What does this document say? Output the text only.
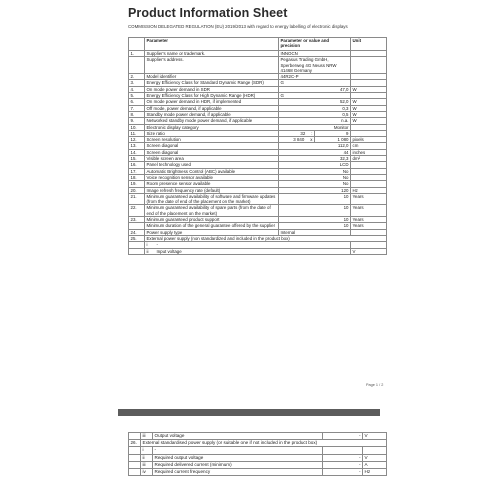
Product Information Sheet
COMMISSION DELEGATED REGULATION (EU) 2019/2013 with regard to energy labelling of electronic displays
	Parameter	Parameter or value and precision		Unit
1.	Supplier's name or trademark.	INNOCN		
	Supplier's address.	Pegasus Trading GmbH, Sperberweg 4G Neuss NRW 41468 Germany		
2.	Model identifier	44R2C-P		
3.	Energy Efficiency Class for Standard Dynamic Range (SDR)	G		
4.	On mode power demand in SDR	47,0		W
5.	Energy Efficiency Class for High Dynamic Range (HDR)	G		
6.	On mode power demand in HDR, if implemented	52,0		W
7.	Off mode, power demand, if applicable	0,3		W
8.	Standby mode power demand, if applicable	0,5		W
9.	Networked standby mode power demand, if applicable	n.a.		W
10.	Electronic display category	Monitor		
11.	Size ratio	32 :	9	
12.	Screen resolution	3 840 x	1 080	pixels
13.	Screen diagonal	112,0		cm
14.	Screen diagonal	44		inches
15.	Visible screen area	32,3		dm²
16.	Panel technology used	LCD		
17.	Automatic Brightness Control (ABC) available	No		
18.	Voice recognition sensor available	No		
19.	Room presence sensor available	No		
20.	Image refresh frequency rate (default)	120		Hz
21.	Minimum guaranteed availability of software and firmware updates (from the date of end of the placement on the market)	10		Years
22.	Minimum guaranteed availability of spare parts (from the date of end of the placement on the market)	10		Years
23.	Minimum guaranteed product support	10		Years
	Minimum duration of the general guarantee offered by the supplier	10		Years
24.	Power supply type	Internal		
25.	External power supply (non standardized and included in the product box)			
	i -			
	ii Input voltage			V
Page 1 / 2
	iii	Output voltage	-	V
26.	External standardised power supply (or suitable one if not included in the product box)			
	i	-		
	ii	Required output voltage	-	V
	iii	Required delivered current (minimum)	-	A
	iv	Required current frequency	-	Hz
